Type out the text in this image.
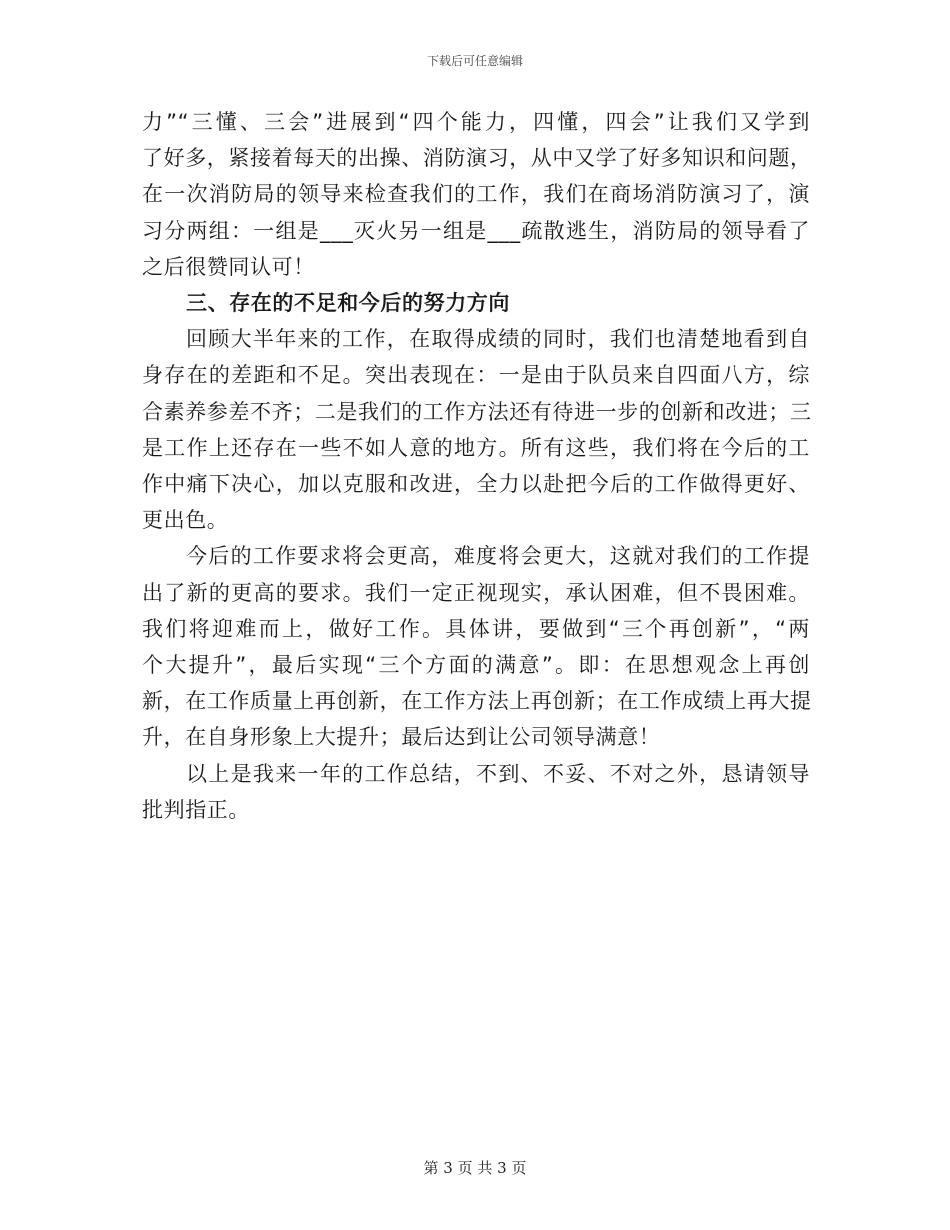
下载后可任意编辑

力”“三懂、三会”进展到“四个能力，四懂，四会”让我们又学到
了好多，紧接着每天的出操、消防演习，从中又学了好多知识和问题，
在一次消防局的领导来检查我们的工作，我们在商场消防演习了，演
习分两组：一组是___灭火另一组是___疏散逃生，消防局的领导看了
之后很赞同认可！

三、存在的不足和今后的努力方向

回顾大半年来的工作，在取得成绩的同时，我们也清楚地看到自
身存在的差距和不足。突出表现在：一是由于队员来自四面八方，综
合素养参差不齐；二是我们的工作方法还有待进一步的创新和改进；三
是工作上还存在一些不如人意的地方。所有这些，我们将在今后的工
作中痛下决心，加以克服和改进，全力以赴把今后的工作做得更好、
更出色。

今后的工作要求将会更高，难度将会更大，这就对我们的工作提
出了新的更高的要求。我们一定正视现实，承认困难，但不畏困难。
我们将迎难而上，做好工作。具体讲，要做到“三个再创新”，“两
个大提升”，最后实现“三个方面的满意”。即：在思想观念上再创
新，在工作质量上再创新，在工作方法上再创新；在工作成绩上再大提
升，在自身形象上大提升；最后达到让公司领导满意！

以上是我来一年的工作总结，不到、不妥、不对之外，恳请领导
批判指正。

第 3 页 共 3 页
